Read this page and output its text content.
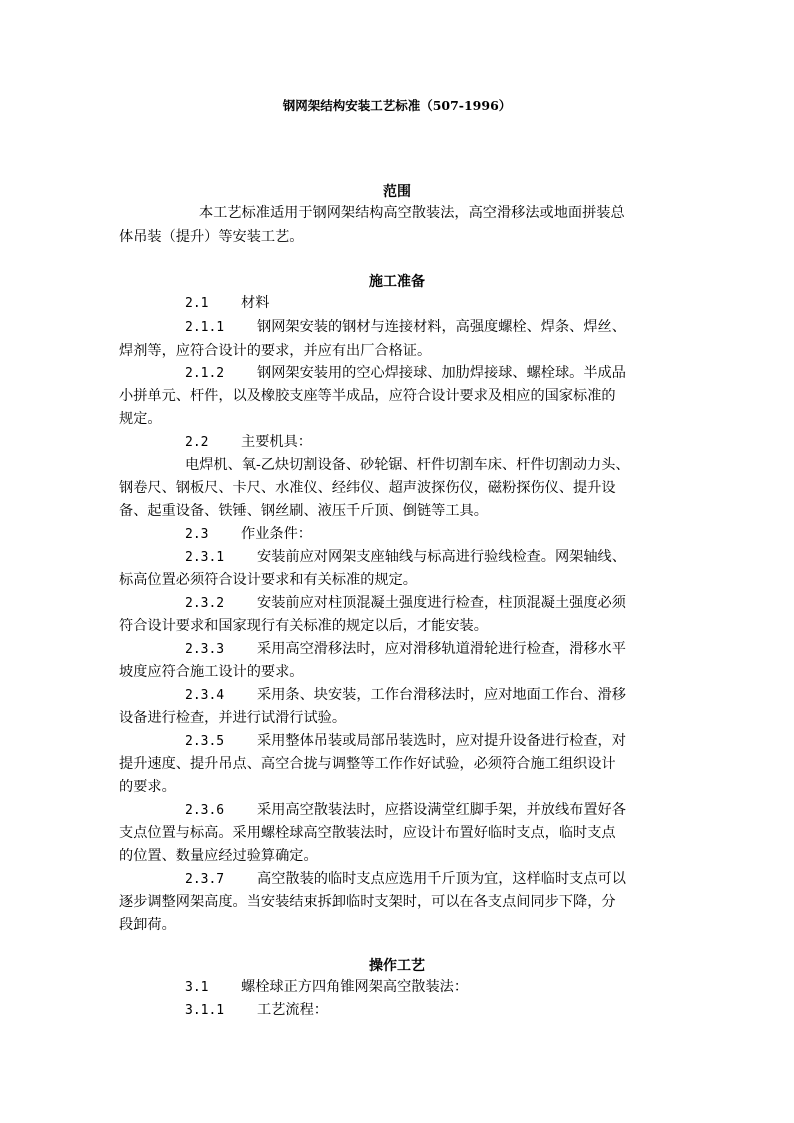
钢网架结构安装工艺标准（507-1996）
范围
本工艺标准适用于钢网架结构高空散装法，高空滑移法或地面拼装总
体吊装（提升）等安装工艺。
施工准备
2.1 材料
2.1.1 钢网架安装的钢材与连接材料，高强度螺栓、焊条、焊丝、
焊剂等，应符合设计的要求，并应有出厂合格证。
2.1.2 钢网架安装用的空心焊接球、加肋焊接球、螺栓球。半成品
小拼单元、杆件，以及橡胶支座等半成品，应符合设计要求及相应的国家标准的
规定。
2.2 主要机具：
电焊机、氧-乙炔切割设备、砂轮锯、杆件切割车床、杆件切割动力头、
钢卷尺、钢板尺、卡尺、水准仪、经纬仪、超声波探伤仪，磁粉探伤仪、提升设
备、起重设备、铁锤、钢丝刷、液压千斤顶、倒链等工具。
2.3 作业条件：
2.3.1 安装前应对网架支座轴线与标高进行验线检查。网架轴线、
标高位置必须符合设计要求和有关标准的规定。
2.3.2 安装前应对柱顶混凝土强度进行检查，柱顶混凝土强度必须
符合设计要求和国家现行有关标准的规定以后，才能安装。
2.3.3 采用高空滑移法时，应对滑移轨道滑轮进行检查，滑移水平
坡度应符合施工设计的要求。
2.3.4 采用条、块安装，工作台滑移法时，应对地面工作台、滑移
设备进行检查，并进行试滑行试验。
2.3.5 采用整体吊装或局部吊装选时，应对提升设备进行检查，对
提升速度、提升吊点、高空合拢与调整等工作作好试验，必须符合施工组织设计
的要求。
2.3.6 采用高空散装法时，应搭设满堂红脚手架，并放线布置好各
支点位置与标高。采用螺栓球高空散装法时，应设计布置好临时支点，临时支点
的位置、数量应经过验算确定。
2.3.7 高空散装的临时支点应选用千斤顶为宜，这样临时支点可以
逐步调整网架高度。当安装结束拆卸临时支架时，可以在各支点间同步下降，分
段卸荷。
操作工艺
3.1 螺栓球正方四角锥网架高空散装法：
3.1.1 工艺流程：
